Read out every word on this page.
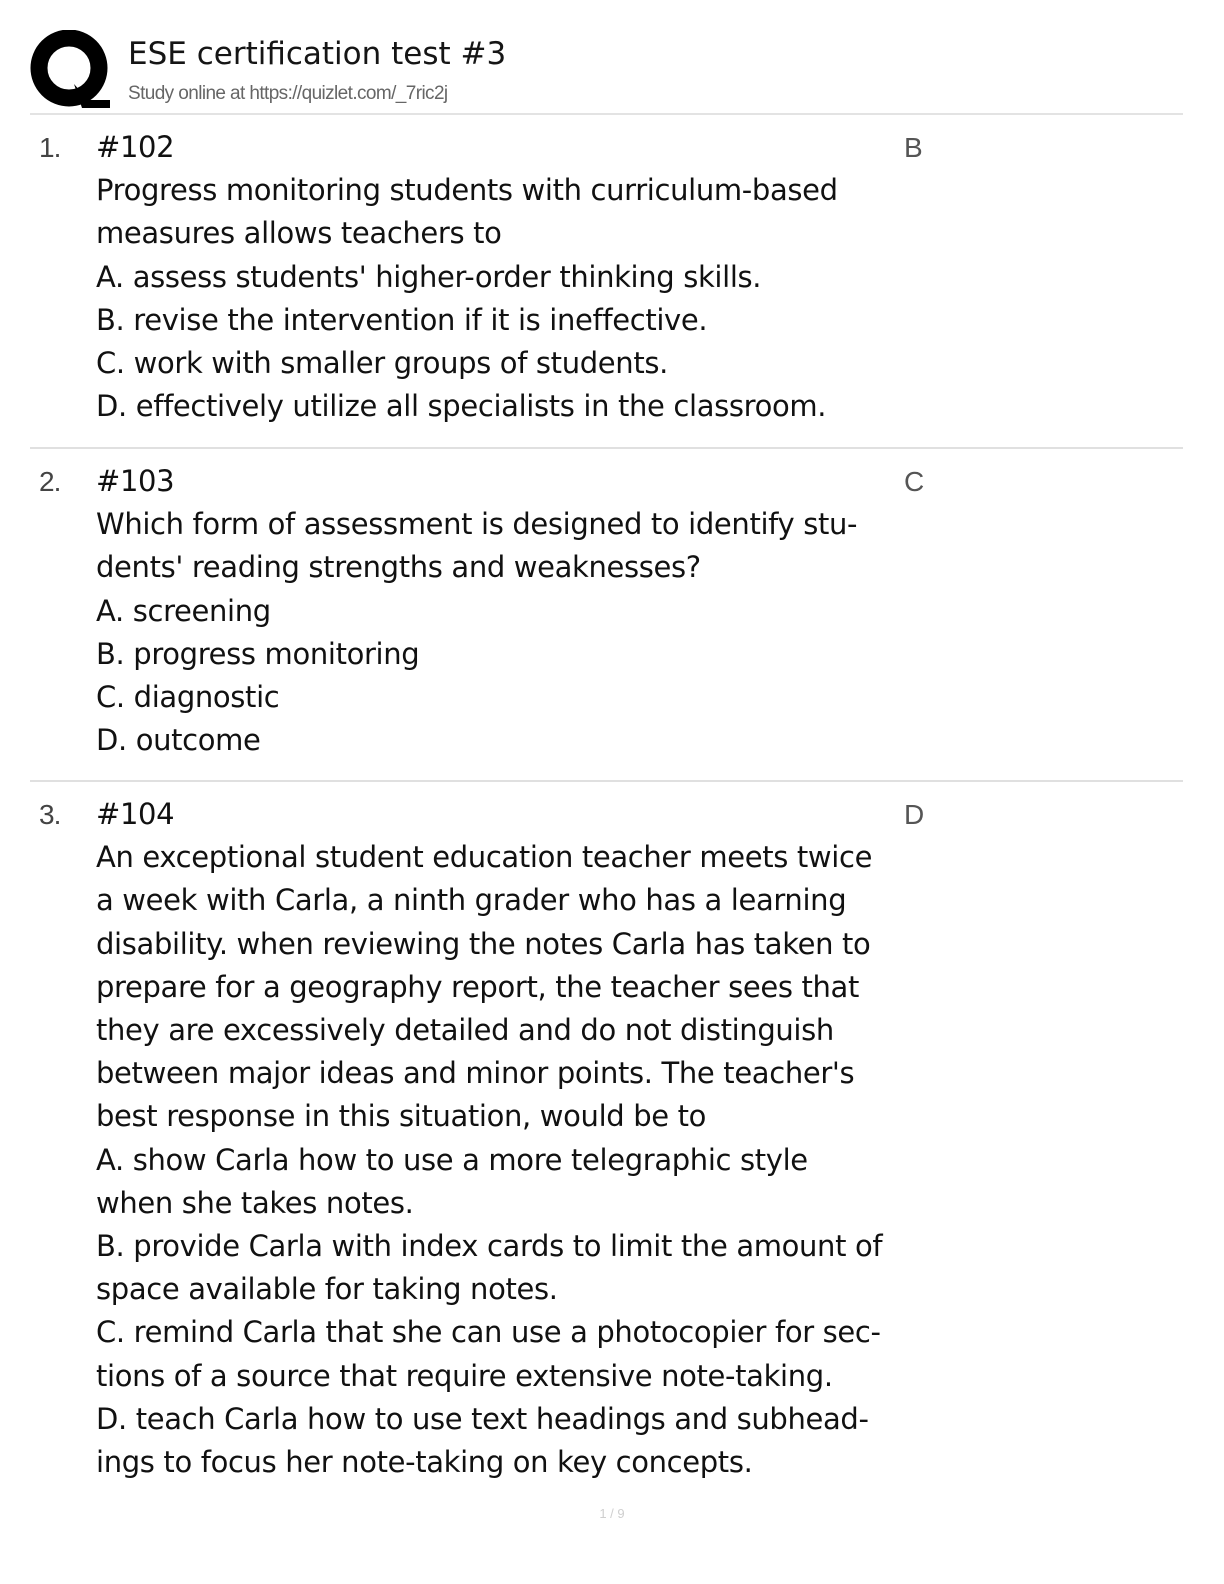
ESE certification test #3
Study online at https://quizlet.com/_7ric2j
1. #102
Progress monitoring students with curriculum-based
measures allows teachers to
A. assess students' higher-order thinking skills.
B. revise the intervention if it is ineffective.
C. work with smaller groups of students.
D. effectively utilize all specialists in the classroom.
B
2. #103
Which form of assessment is designed to identify stu-
dents' reading strengths and weaknesses?
A. screening
B. progress monitoring
C. diagnostic
D. outcome
C
3. #104
An exceptional student education teacher meets twice
a week with Carla, a ninth grader who has a learning
disability. when reviewing the notes Carla has taken to
prepare for a geography report, the teacher sees that
they are excessively detailed and do not distinguish
between major ideas and minor points. The teacher's
best response in this situation, would be to
A. show Carla how to use a more telegraphic style
when she takes notes.
B. provide Carla with index cards to limit the amount of
space available for taking notes.
C. remind Carla that she can use a photocopier for sec-
tions of a source that require extensive note-taking.
D. teach Carla how to use text headings and subhead-
ings to focus her note-taking on key concepts.
D
1 / 9
